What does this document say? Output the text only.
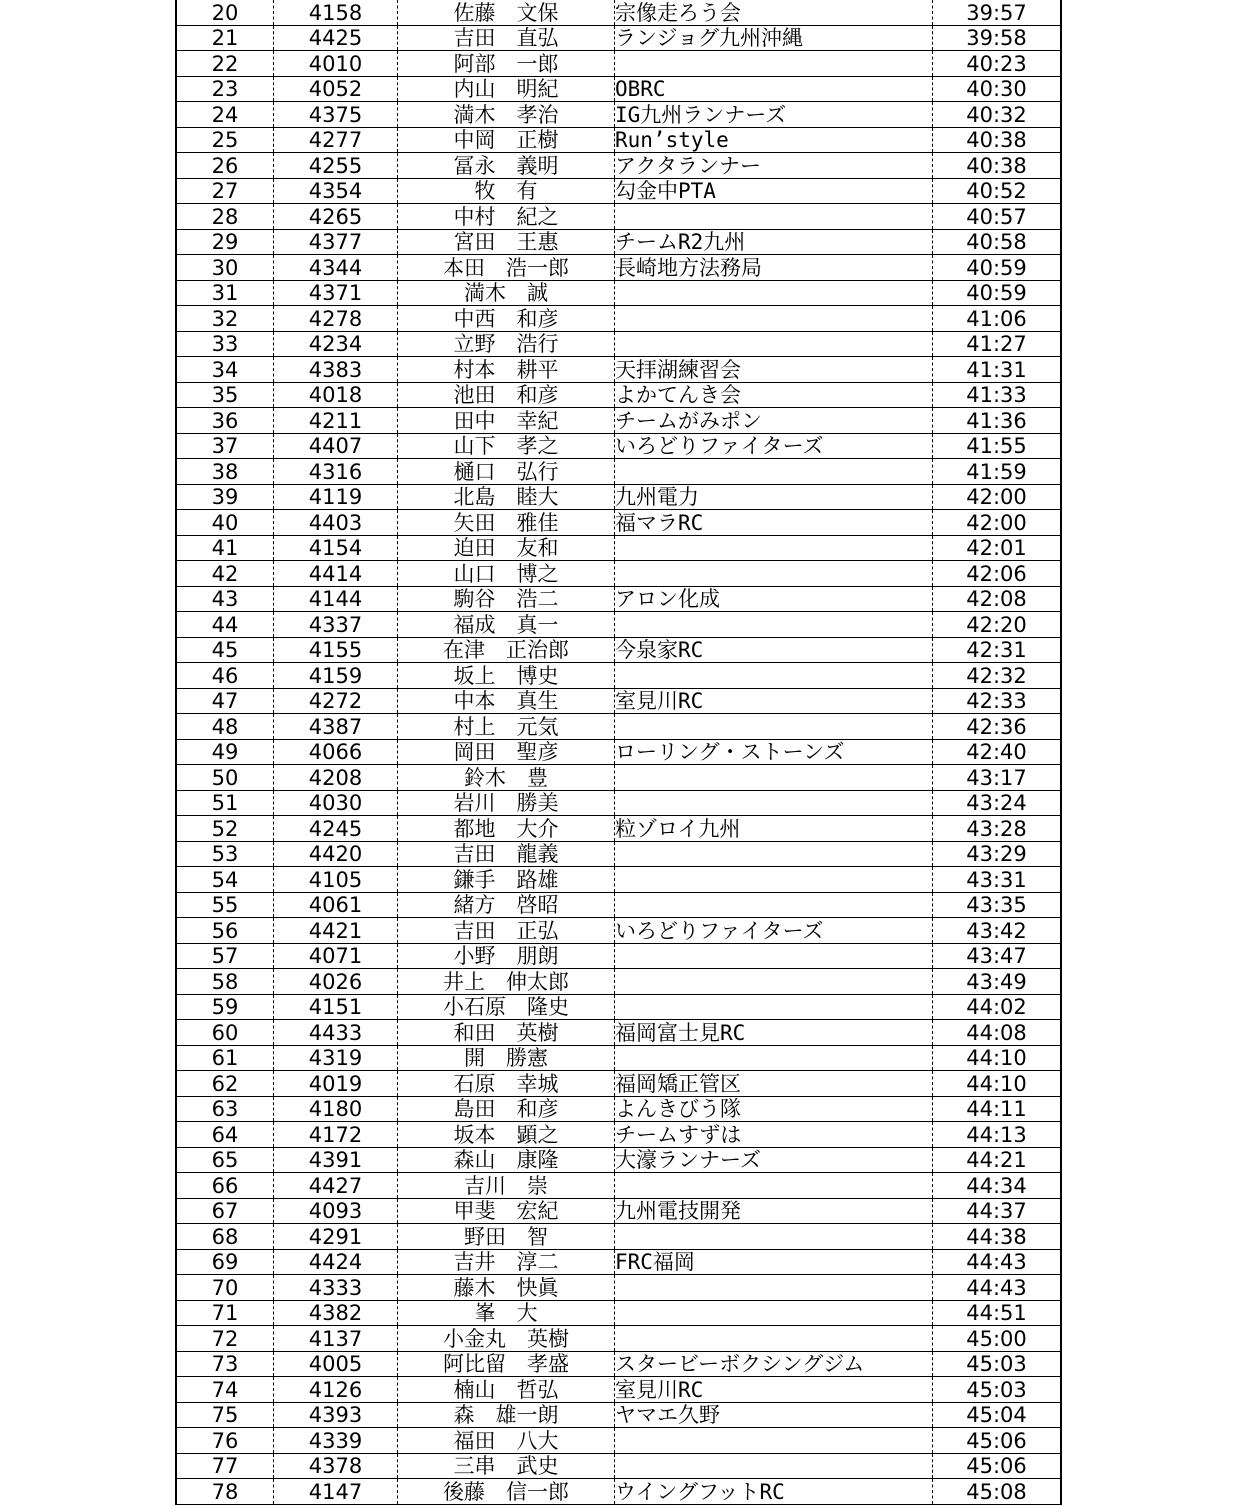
20	4158	佐藤　文保	宗像走ろう会	39:57
21	4425	吉田　直弘	ランジョグ九州沖縄	39:58
22	4010	阿部　一郎		40:23
23	4052	内山　明紀	OBRC	40:30
24	4375	満木　孝治	IG九州ランナーズ	40:32
25	4277	中岡　正樹	Run’style	40:38
26	4255	冨永　義明	アクタランナー	40:38
27	4354	牧　有	勾金中PTA	40:52
28	4265	中村　紀之		40:57
29	4377	宮田　王惠	チームR2九州	40:58
30	4344	本田　浩一郎	長崎地方法務局	40:59
31	4371	満木　誠		40:59
32	4278	中西　和彦		41:06
33	4234	立野　浩行		41:27
34	4383	村本　耕平	天拝湖練習会	41:31
35	4018	池田　和彦	よかてんき会	41:33
36	4211	田中　幸紀	チームがみポン	41:36
37	4407	山下　孝之	いろどりファイターズ	41:55
38	4316	樋口　弘行		41:59
39	4119	北島　睦大	九州電力	42:00
40	4403	矢田　雅佳	福マラRC	42:00
41	4154	迫田　友和		42:01
42	4414	山口　博之		42:06
43	4144	駒谷　浩二	アロン化成	42:08
44	4337	福成　真一		42:20
45	4155	在津　正治郎	今泉家RC	42:31
46	4159	坂上　博史		42:32
47	4272	中本　真生	室見川RC	42:33
48	4387	村上　元気		42:36
49	4066	岡田　聖彦	ローリング・ストーンズ	42:40
50	4208	鈴木　豊		43:17
51	4030	岩川　勝美		43:24
52	4245	都地　大介	粒ゾロイ九州	43:28
53	4420	吉田　龍義		43:29
54	4105	鎌手　路雄		43:31
55	4061	緒方　啓昭		43:35
56	4421	吉田　正弘	いろどりファイターズ	43:42
57	4071	小野　朋朗		43:47
58	4026	井上　伸太郎		43:49
59	4151	小石原　隆史		44:02
60	4433	和田　英樹	福岡富士見RC	44:08
61	4319	開　勝憲		44:10
62	4019	石原　幸城	福岡矯正管区	44:10
63	4180	島田　和彦	よんきびう隊	44:11
64	4172	坂本　顕之	チームすずは	44:13
65	4391	森山　康隆	大濠ランナーズ	44:21
66	4427	吉川　崇		44:34
67	4093	甲斐　宏紀	九州電技開発	44:37
68	4291	野田　智		44:38
69	4424	吉井　淳二	FRC福岡	44:43
70	4333	藤木　快眞		44:43
71	4382	峯　大		44:51
72	4137	小金丸　英樹		45:00
73	4005	阿比留　孝盛	スタービーボクシングジム	45:03
74	4126	楠山　哲弘	室見川RC	45:03
75	4393	森　雄一朗	ヤマエ久野	45:04
76	4339	福田　八大		45:06
77	4378	三串　武史		45:06
78	4147	後藤　信一郎	ウイングフットRC	45:08
